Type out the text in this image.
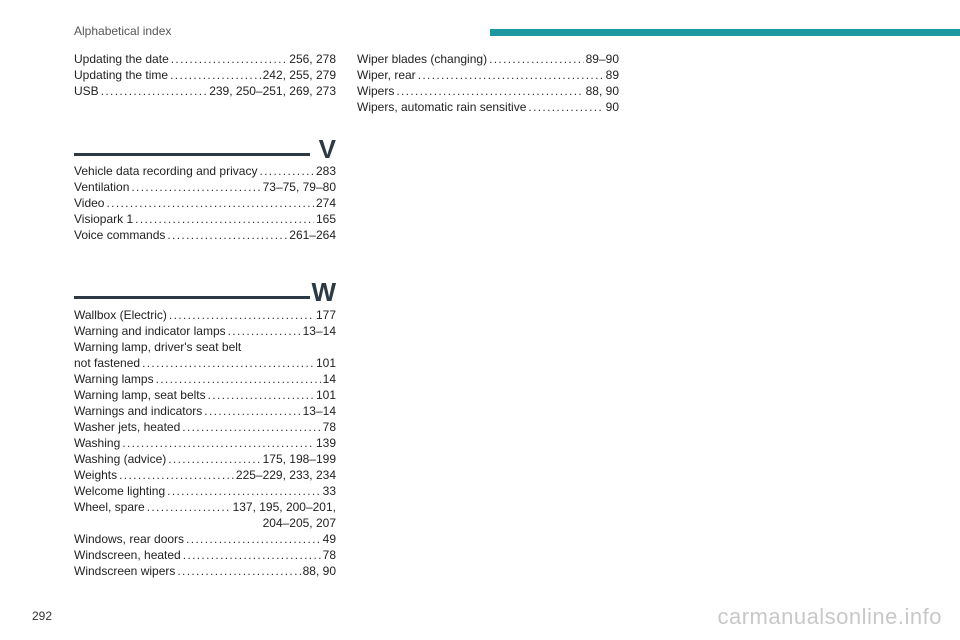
Alphabetical index
Updating the date . . .	256, 278
Updating the time . . .	242, 255, 279
USB . . .	239, 250–251, 269, 273
V
Vehicle data recording and privacy . . .	283
Ventilation . . .	73–75, 79–80
Video . . .	274
Visiopark 1 . . .	165
Voice commands . . .	261–264
W
Wallbox (Electric) . . .	177
Warning and indicator lamps . . .	13–14
Warning lamp, driver's seat belt
not fastened . . .	101
Warning lamps . . .	14
Warning lamp, seat belts . . .	101
Warnings and indicators . . .	13–14
Washer jets, heated . . .	78
Washing . . .	139
Washing (advice) . . .	175, 198–199
Weights . . .	225–229, 233, 234
Welcome lighting . . .	33
Wheel, spare . . .	137, 195, 200–201,
204–205, 207
Windows, rear doors . . .	49
Windscreen, heated . . .	78
Windscreen wipers . . .	88, 90
Wiper blades (changing) . . .	89–90
Wiper, rear . . .	89
Wipers . . .	88, 90
Wipers, automatic rain sensitive . . .	90
292	carmanualsonline.info
